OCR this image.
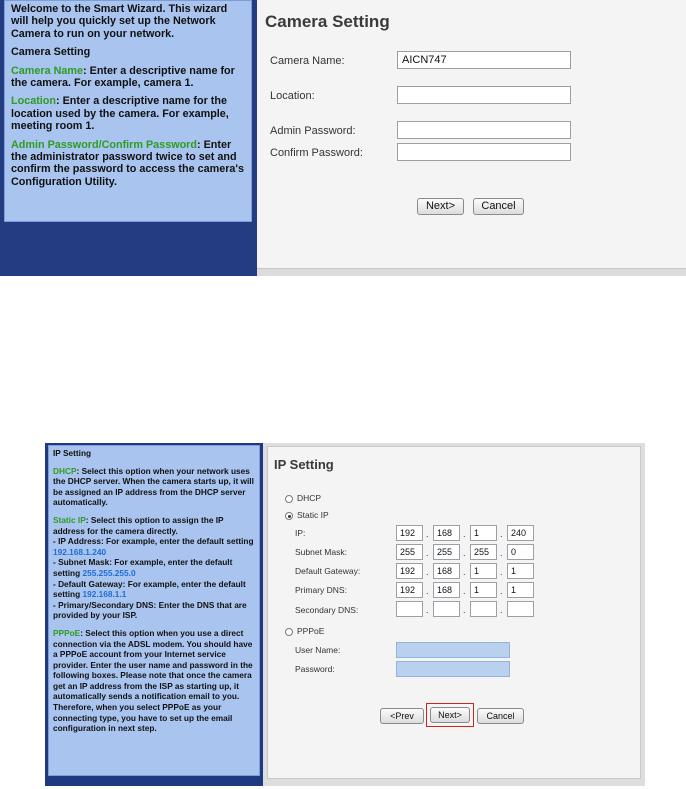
Welcome to the Smart Wizard. This wizard will help you quickly set up the Network Camera to run on your network.

Camera Setting

Camera Name: Enter a descriptive name for the camera. For example, camera 1.

Location: Enter a descriptive name for the location used by the camera. For example, meeting room 1.

Admin Password/Confirm Password: Enter the administrator password twice to set and confirm the password to access the camera's Configuration Utility.

Camera Setting
Camera Name:	AICN747
Location:
Admin Password:
Confirm Password:
Next>	Cancel

IP Setting

DHCP: Select this option when your network uses the DHCP server. When the camera starts up, it will be assigned an IP address from the DHCP server automatically.

Static IP: Select this option to assign the IP address for the camera directly.
- IP Address: For example, enter the default setting 192.168.1.240
- Subnet Mask: For example, enter the default setting 255.255.255.0
- Default Gateway: For example, enter the default setting 192.168.1.1
- Primary/Secondary DNS: Enter the DNS that are provided by your ISP.

PPPoE: Select this option when you use a direct connection via the ADSL modem. You should have a PPPoE account from your Internet service provider. Enter the user name and password in the following boxes. Please note that once the camera get an IP address from the ISP as starting up, it automatically sends a notification email to you. Therefore, when you select PPPoE as your connecting type, you have to set up the email configuration in next step.

IP Setting
DHCP
Static IP
IP:	192	. 168	. 1	. 240
Subnet Mask:	255	. 255	. 255	. 0
Default Gateway:	192	. 168	. 1	. 1
Primary DNS:	192	. 168	. 1	. 1
Secondary DNS:	.	.	.
PPPoE
User Name:
Password:
<Prev	Next>	Cancel
